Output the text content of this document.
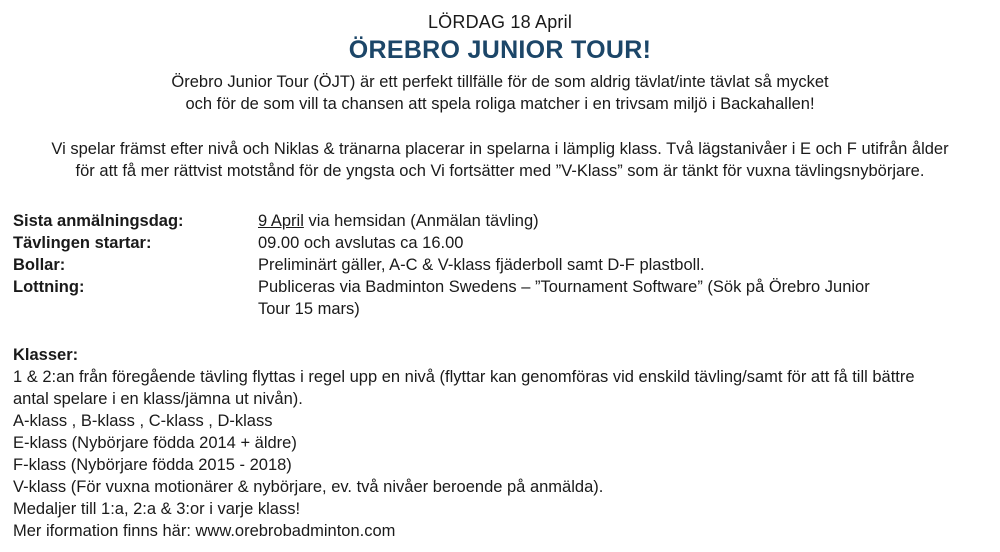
LÖRDAG 18 April
ÖREBRO JUNIOR TOUR!
Örebro Junior Tour (ÖJT) är ett perfekt tillfälle för de som aldrig tävlat/inte tävlat så mycket
och för de som vill ta chansen att spela roliga matcher i en trivsam miljö i Backahallen!
Vi spelar främst efter nivå och Niklas & tränarna placerar in spelarna i lämplig klass. Två lägstanivåer i E och F utifrån ålder
för att få mer rättvist motstånd för de yngsta och Vi fortsätter med ”V-Klass” som är tänkt för vuxna tävlingsnybörjare.
Sista anmälningsdag:	9 April via hemsidan (Anmälan tävling)
Tävlingen startar:	09.00 och avslutas ca 16.00
Bollar:	Preliminärt gäller, A-C & V-klass fjäderboll samt D-F plastboll.
Lottning:	Publiceras via Badminton Swedens – ”Tournament Software” (Sök på Örebro Junior
Tour 15 mars)
Klasser:
1 & 2:an från föregående tävling flyttas i regel upp en nivå (flyttar kan genomföras vid enskild tävling/samt för att få till bättre
antal spelare i en klass/jämna ut nivån).
A-klass , B-klass , C-klass , D-klass
E-klass (Nybörjare födda 2014 + äldre)
F-klass (Nybörjare födda 2015 - 2018)
V-klass (För vuxna motionärer & nybörjare, ev. två nivåer beroende på anmälda).
Medaljer till 1:a, 2:a & 3:or i varje klass!
Mer iformation finns här: www.orebrobadminton.com
